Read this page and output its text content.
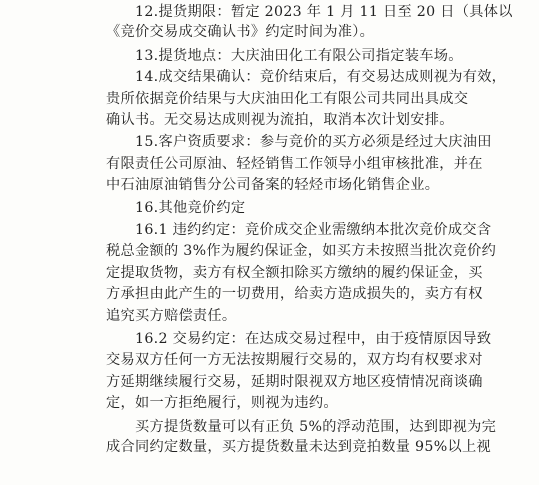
12.提货期限：暂定 2023 年 1 月 11 日至 20 日（具体以
《竞价交易成交确认书》约定时间为准）。
13.提货地点：大庆油田化工有限公司指定装车场。
14.成交结果确认：竞价结束后，有交易达成则视为有效，
贵所依据竞价结果与大庆油田化工有限公司共同出具成交
确认书。无交易达成则视为流拍，取消本次计划安排。
15.客户资质要求：参与竞价的买方必须是经过大庆油田
有限责任公司原油、轻烃销售工作领导小组审核批准，并在
中石油原油销售分公司备案的轻烃市场化销售企业。
16.其他竞价约定
16.1 违约约定：竞价成交企业需缴纳本批次竞价成交含
税总金额的 3%作为履约保证金，如买方未按照当批次竞价约
定提取货物，卖方有权全额扣除买方缴纳的履约保证金，买
方承担由此产生的一切费用，给卖方造成损失的，卖方有权
追究买方赔偿责任。
16.2 交易约定：在达成交易过程中，由于疫情原因导致
交易双方任何一方无法按期履行交易的，双方均有权要求对
方延期继续履行交易，延期时限视双方地区疫情情况商谈确
定，如一方拒绝履行，则视为违约。
买方提货数量可以有正负 5%的浮动范围，达到即视为完
成合同约定数量，买方提货数量未达到竞拍数量 95%以上视
